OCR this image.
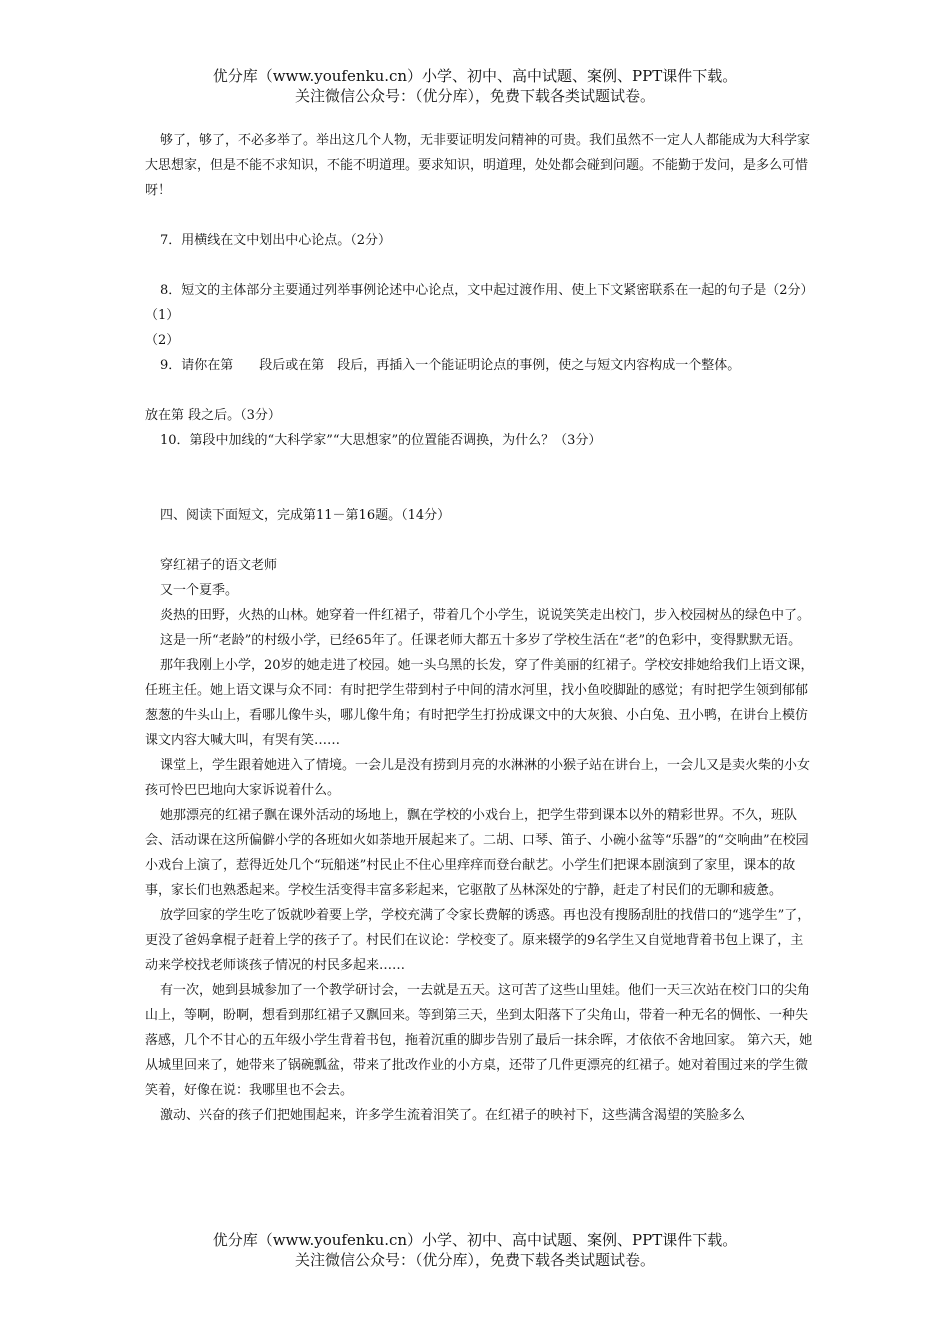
优分库（www.youfenku.cn）小学、初中、高中试题、案例、PPT课件下载。
关注微信公众号：（优分库），免费下载各类试题试卷。

够了，够了，不必多举了。举出这几个人物，无非要证明发问精神的可贵。我们虽然不一定人人都能成为大科学家大思想家，但是不能不求知识，不能不明道理。要求知识，明道理，处处都会碰到问题。不能勤于发问，是多么可惜呀！

7．用横线在文中划出中心论点。（2分）

8．短文的主体部分主要通过列举事例论述中心论点，文中起过渡作用、使上下文紧密联系在一起的句子是（2分）

（1）

（2）

9．请你在第　　段后或在第　段后，再插入一个能证明论点的事例，使之与短文内容构成一个整体。

放在第 段之后。（3分）

10．第段中加线的“大科学家”“大思想家”的位置能否调换，为什么？（3分）

四、阅读下面短文，完成第11－第16题。（14分）

穿红裙子的语文老师

又一个夏季。

炎热的田野，火热的山林。她穿着一件红裙子，带着几个小学生，说说笑笑走出校门，步入校园树丛的绿色中了。

这是一所“老龄”的村级小学，已经65年了。任课老师大都五十多岁了学校生活在“老”的色彩中，变得默默无语。

那年我刚上小学，20岁的她走进了校园。她一头乌黑的长发，穿了件美丽的红裙子。学校安排她给我们上语文课，任班主任。她上语文课与众不同：有时把学生带到村子中间的清水河里，找小鱼咬脚趾的感觉；有时把学生领到郁郁葱葱的牛头山上，看哪儿像牛头，哪儿像牛角；有时把学生打扮成课文中的大灰狼、小白兔、丑小鸭，在讲台上模仿课文内容大喊大叫，有哭有笑……

课堂上，学生跟着她进入了情境。一会儿是没有捞到月亮的水淋淋的小猴子站在讲台上，一会儿又是卖火柴的小女孩可怜巴巴地向大家诉说着什么。

她那漂亮的红裙子飘在课外活动的场地上，飘在学校的小戏台上，把学生带到课本以外的精彩世界。不久，班队会、活动课在这所偏僻小学的各班如火如荼地开展起来了。二胡、口琴、笛子、小碗小盆等“乐器”的“交响曲”在校园小戏台上演了，惹得近处几个“玩船迷”村民止不住心里痒痒而登台献艺。小学生们把课本剧演到了家里，课本的故事，家长们也熟悉起来。学校生活变得丰富多彩起来，它驱散了丛林深处的宁静，赶走了村民们的无聊和疲惫。

放学回家的学生吃了饭就吵着要上学，学校充满了令家长费解的诱惑。再也没有搜肠刮肚的找借口的“逃学生”了，更没了爸妈拿棍子赶着上学的孩子了。村民们在议论：学校变了。原来辍学的9名学生又自觉地背着书包上课了，主动来学校找老师谈孩子情况的村民多起来……

有一次，她到县城参加了一个教学研讨会，一去就是五天。这可苦了这些山里娃。他们一天三次站在校门口的尖角山上，等啊，盼啊，想看到那红裙子又飘回来。等到第三天，坐到太阳落下了尖角山，带着一种无名的惆怅、一种失落感，几个不甘心的五年级小学生背着书包，拖着沉重的脚步告别了最后一抹余晖，才依依不舍地回家。 第六天，她从城里回来了，她带来了锅碗瓢盆，带来了批改作业的小方桌，还带了几件更漂亮的红裙子。她对着围过来的学生微笑着，好像在说：我哪里也不会去。

激动、兴奋的孩子们把她围起来，许多学生流着泪笑了。在红裙子的映衬下，这些满含渴望的笑脸多么

优分库（www.youfenku.cn）小学、初中、高中试题、案例、PPT课件下载。
关注微信公众号：（优分库），免费下载各类试题试卷。
